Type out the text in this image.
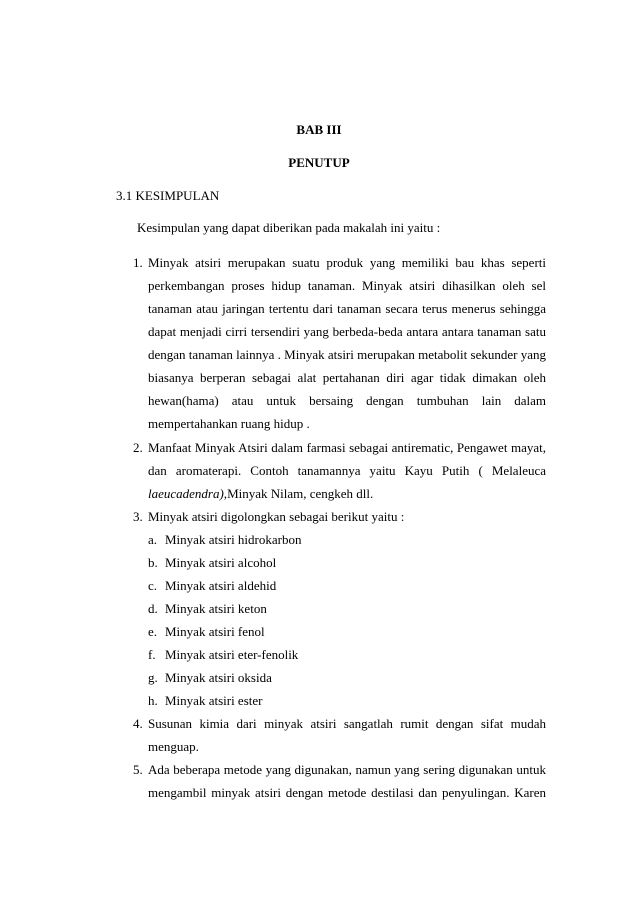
BAB III
PENUTUP
3.1 KESIMPULAN
Kesimpulan yang dapat diberikan pada makalah ini yaitu :
1. Minyak atsiri merupakan suatu produk yang memiliki bau khas seperti
perkembangan proses hidup tanaman. Minyak atsiri dihasilkan oleh sel
tanaman atau jaringan tertentu dari tanaman secara terus menerus sehingga
dapat menjadi cirri tersendiri yang berbeda-beda antara antara tanaman satu
dengan tanaman lainnya . Minyak atsiri merupakan metabolit sekunder yang
biasanya berperan sebagai alat pertahanan diri agar tidak dimakan oleh
hewan(hama) atau untuk bersaing dengan tumbuhan lain dalam
mempertahankan ruang hidup .
2. Manfaat Minyak Atsiri dalam farmasi sebagai antirematic, Pengawet mayat,
dan aromaterapi. Contoh tanamannya yaitu Kayu Putih ( Melaleuca
laeucadendra),Minyak Nilam, cengkeh dll.
3. Minyak atsiri digolongkan sebagai berikut yaitu :
a. Minyak atsiri hidrokarbon
b. Minyak atsiri alcohol
c. Minyak atsiri aldehid
d. Minyak atsiri keton
e. Minyak atsiri fenol
f. Minyak atsiri eter-fenolik
g. Minyak atsiri oksida
h. Minyak atsiri ester
4. Susunan kimia dari minyak atsiri sangatlah rumit dengan sifat mudah
menguap.
5. Ada beberapa metode yang digunakan, namun yang sering digunakan untuk
mengambil minyak atsiri dengan metode destilasi dan penyulingan. Karen
